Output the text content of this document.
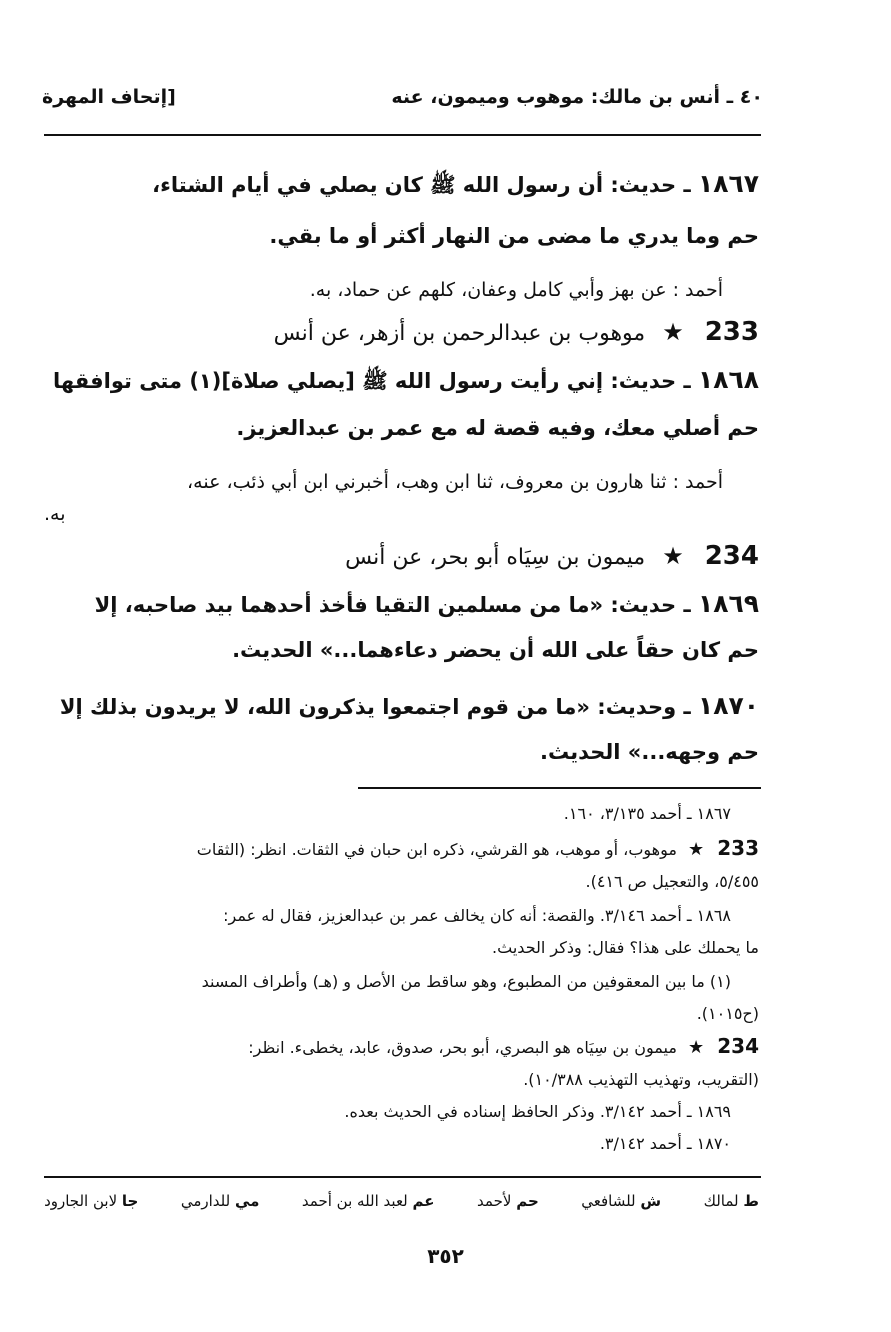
٤٠ ـ أنس بن مالك: موهوب وميمون، عنه
[إتحاف المهرة
١٨٦٧ ـ حديث: أن رسول الله ﷺ كان يصلي في أيام الشتاء،
حم وما يدري ما مضى من النهار أكثر أو ما بقي.
أحمد : عن بهز وأبي كامل وعفان، كلهم عن حماد، به.
233 ★ موهوب بن عبدالرحمن بن أزهر، عن أنس
١٨٦٨ ـ حديث: إني رأيت رسول الله ﷺ [يصلي صلاة](١) متى توافقها
حم أصلي معك، وفيه قصة له مع عمر بن عبدالعزيز.
أحمد : ثنا هارون بن معروف، ثنا ابن وهب، أخبرني ابن أبي ذئب، عنه،
به.
234 ★ ميمون بن سِيَاه أبو بحر، عن أنس
١٨٦٩ ـ حديث: «ما من مسلمين التقيا فأخذ أحدهما بيد صاحبه، إلا
حم كان حقاً على الله أن يحضر دعاءهما...» الحديث.
١٨٧٠ ـ وحديث: «ما من قوم اجتمعوا يذكرون الله، لا يريدون بذلك إلا
حم وجهه...» الحديث.
١٨٦٧ ـ أحمد ٣/١٣٥، ١٦٠.
233 ★ موهوب، أو موهب، هو القرشي، ذكره ابن حبان في الثقات. انظر: (الثقات
٥/٤٥٥، والتعجيل ص ٤١٦).
١٨٦٨ ـ أحمد ٣/١٤٦. والقصة: أنه كان يخالف عمر بن عبدالعزيز، فقال له عمر:
ما يحملك على هذا؟ فقال: وذكر الحديث.
(١) ما بين المعقوفين من المطبوع، وهو ساقط من الأصل و (هـ) وأطراف المسند
(ح١٠١٥).
234 ★ ميمون بن سِيَاه هو البصري، أبو بحر، صدوق، عابد، يخطىء. انظر:
(التقريب، وتهذيب التهذيب ١٠/٣٨٨).
١٨٦٩ ـ أحمد ٣/١٤٢. وذكر الحافظ إسناده في الحديث بعده.
١٨٧٠ ـ أحمد ٣/١٤٢.
ط لمالك
ش للشافعي
حم لأحمد
عم لعبد الله بن أحمد
مي للدارمي
جا لابن الجارود
٣٥٢
